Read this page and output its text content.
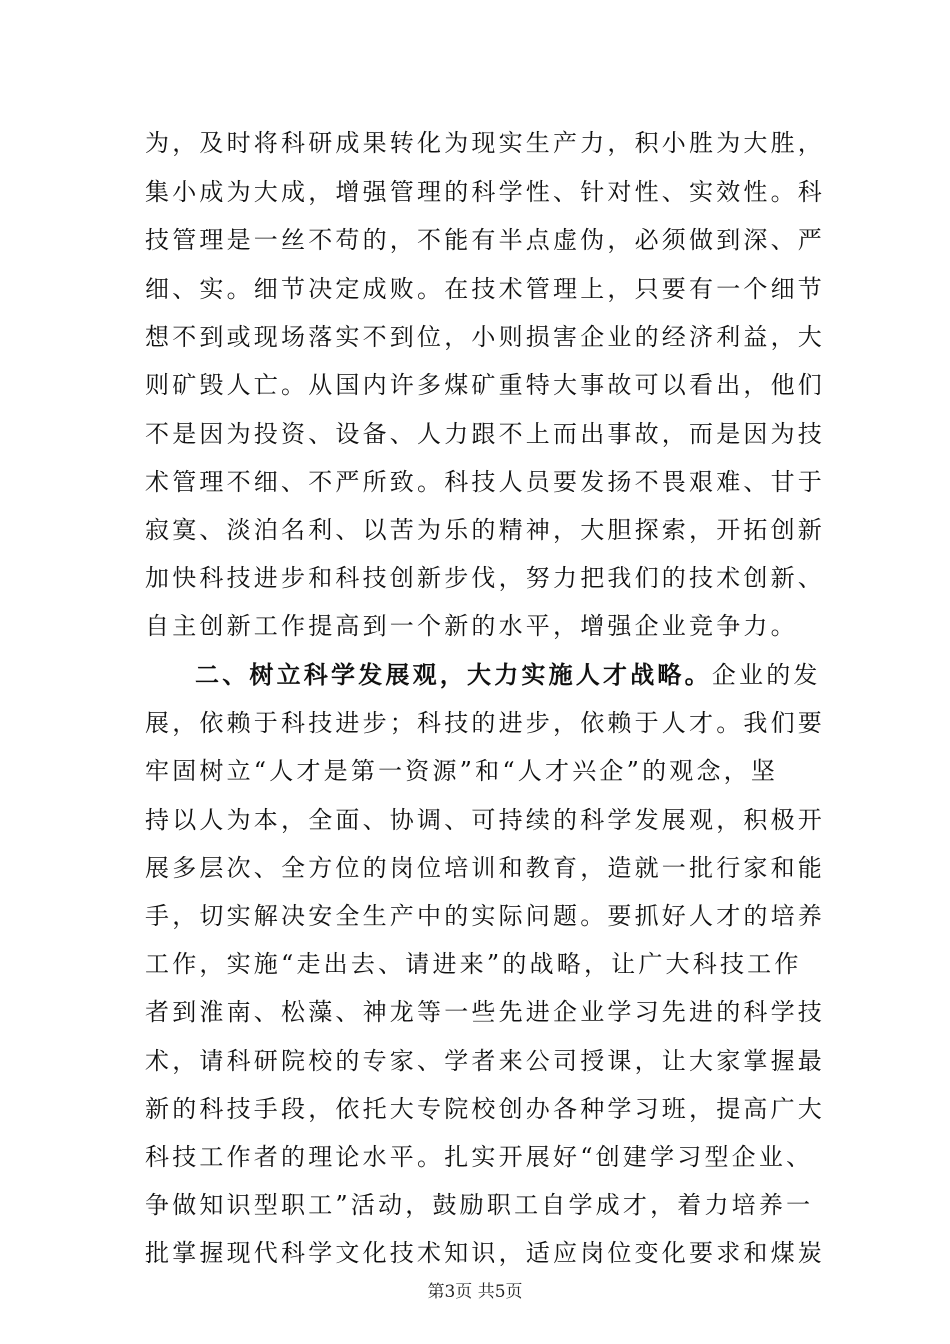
为，及时将科研成果转化为现实生产力，积小胜为大胜，
集小成为大成，增强管理的科学性、针对性、实效性。科
技管理是一丝不苟的，不能有半点虚伪，必须做到深、严
细、实。细节决定成败。在技术管理上，只要有一个细节
想不到或现场落实不到位，小则损害企业的经济利益，大
则矿毁人亡。从国内许多煤矿重特大事故可以看出，他们
不是因为投资、设备、人力跟不上而出事故，而是因为技
术管理不细、不严所致。科技人员要发扬不畏艰难、甘于
寂寞、淡泊名利、以苦为乐的精神，大胆探索，开拓创新
加快科技进步和科技创新步伐，努力把我们的技术创新、
自主创新工作提高到一个新的水平，增强企业竞争力。
二、树立科学发展观，大力实施人才战略。企业的发
展，依赖于科技进步；科技的进步，依赖于人才。我们要
牢固树立“人才是第一资源”和“人才兴企”的观念，坚
持以人为本，全面、协调、可持续的科学发展观，积极开
展多层次、全方位的岗位培训和教育，造就一批行家和能
手，切实解决安全生产中的实际问题。要抓好人才的培养
工作，实施“走出去、请进来”的战略，让广大科技工作
者到淮南、松藻、神龙等一些先进企业学习先进的科学技
术，请科研院校的专家、学者来公司授课，让大家掌握最
新的科技手段，依托大专院校创办各种学习班，提高广大
科技工作者的理论水平。扎实开展好“创建学习型企业、
争做知识型职工”活动，鼓励职工自学成才，着力培养一
第3页 共5页
批掌握现代科学文化技术知识，适应岗位变化要求和煤炭
